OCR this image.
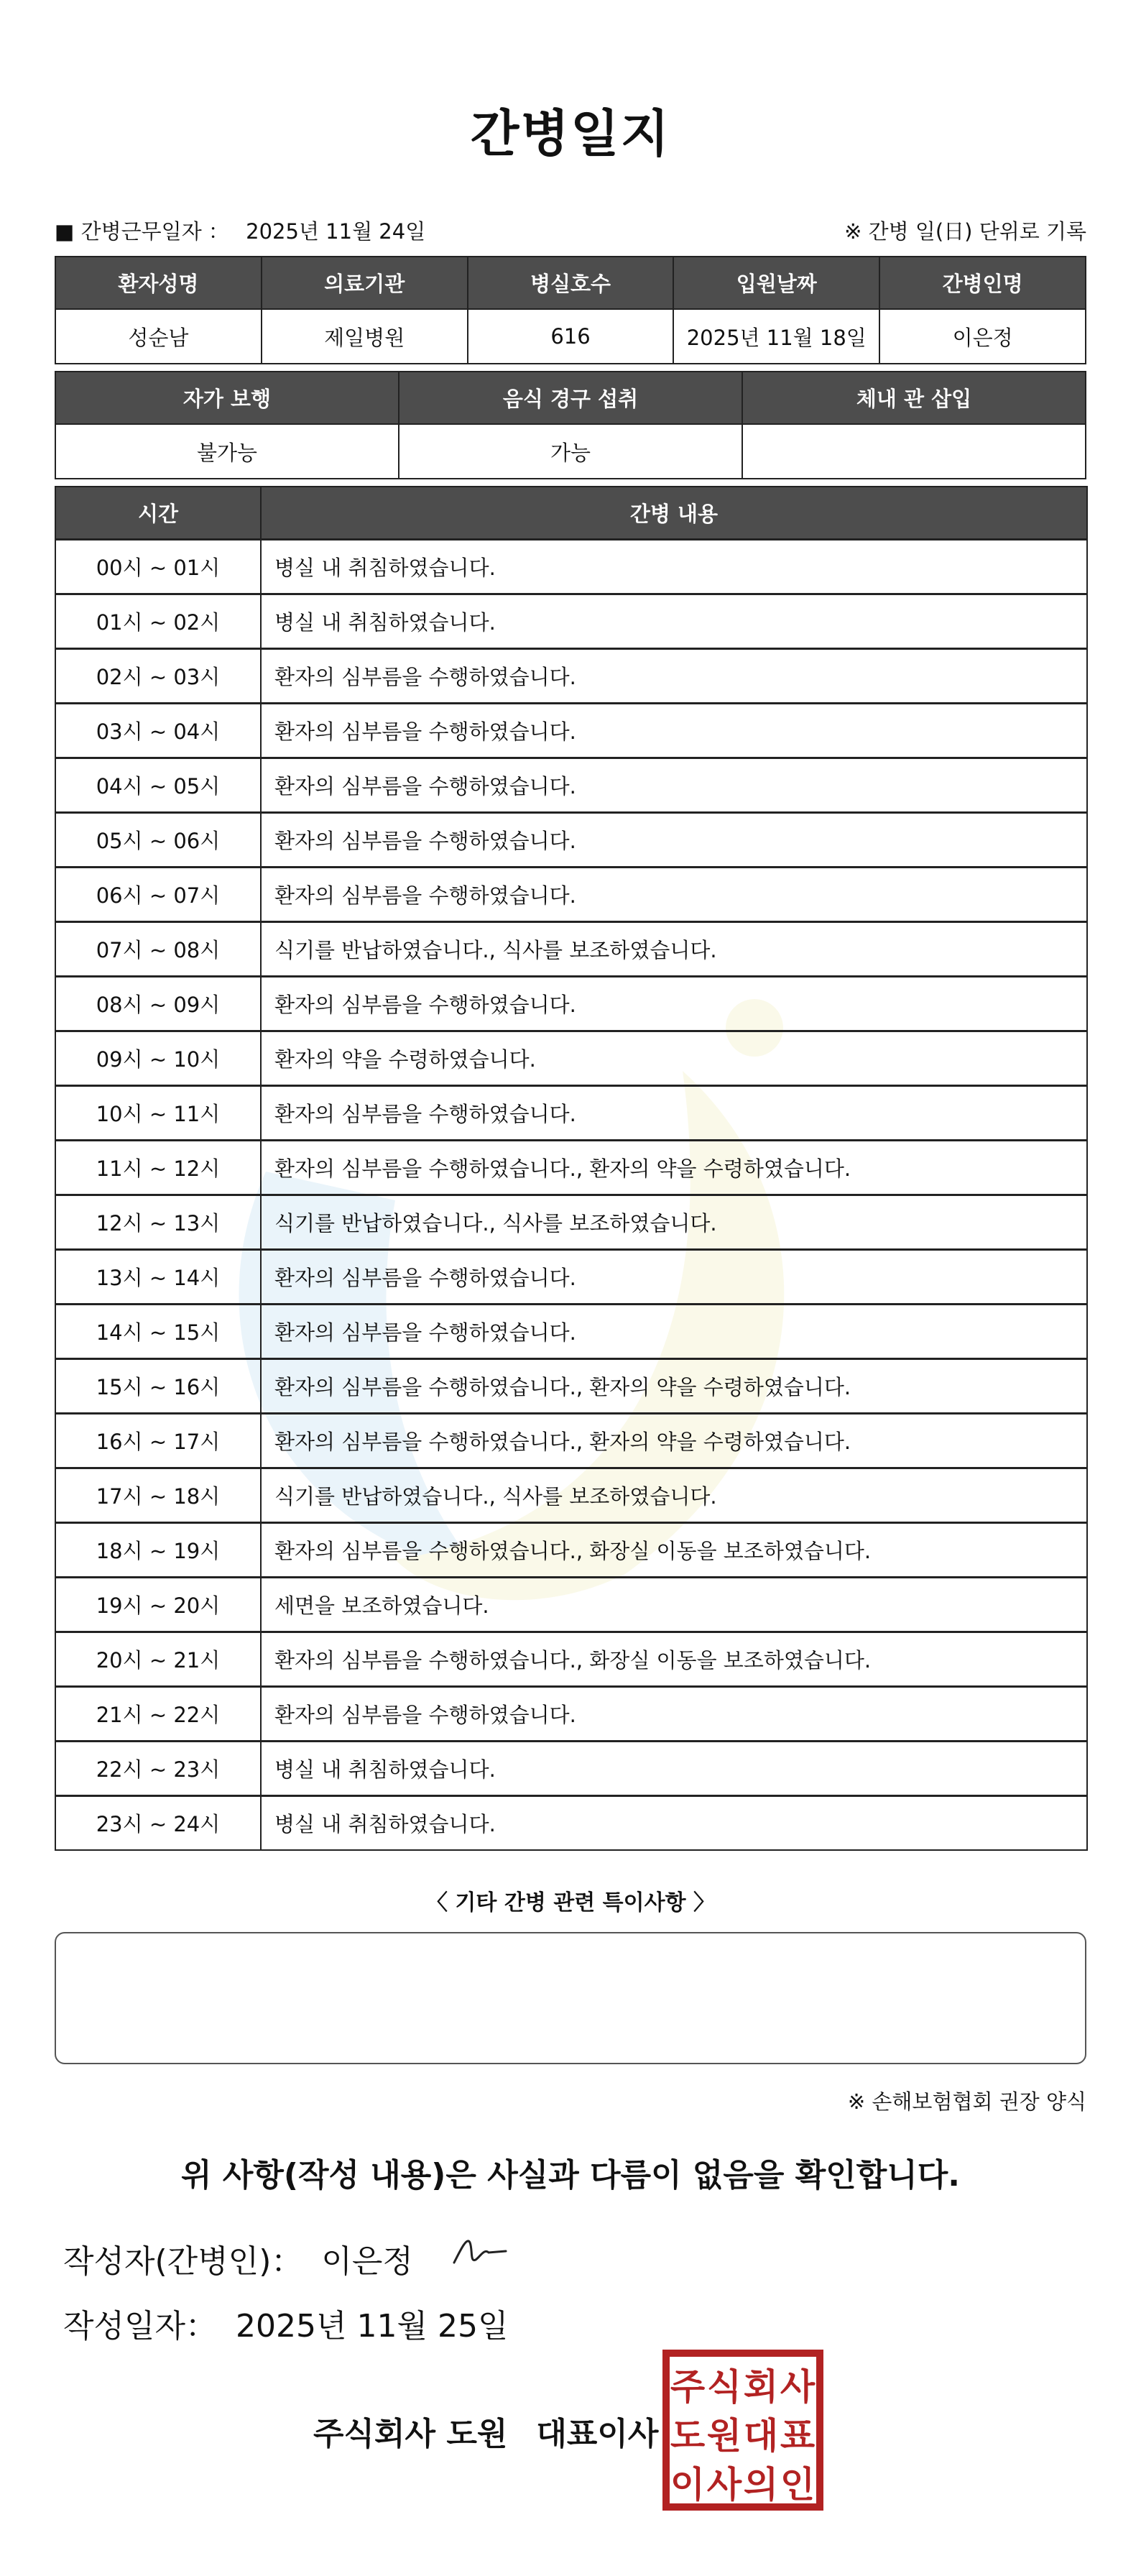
간병일지
■ 간병근무일자 ： 2025년 11월 24일	※ 간병 일(日) 단위로 기록
환자성명	의료기관	병실호수	입원날짜	간병인명
성순남	제일병원	616	2025년 11월 18일	이은정
자가 보행	음식 경구 섭취	체내 관 삽입
불가능	가능	
시간	간병 내용
00시 ~ 01시	병실 내 취침하였습니다.
01시 ~ 02시	병실 내 취침하였습니다.
02시 ~ 03시	환자의 심부름을 수행하였습니다.
03시 ~ 04시	환자의 심부름을 수행하였습니다.
04시 ~ 05시	환자의 심부름을 수행하였습니다.
05시 ~ 06시	환자의 심부름을 수행하였습니다.
06시 ~ 07시	환자의 심부름을 수행하였습니다.
07시 ~ 08시	식기를 반납하였습니다., 식사를 보조하였습니다.
08시 ~ 09시	환자의 심부름을 수행하였습니다.
09시 ~ 10시	환자의 약을 수령하였습니다.
10시 ~ 11시	환자의 심부름을 수행하였습니다.
11시 ~ 12시	환자의 심부름을 수행하였습니다., 환자의 약을 수령하였습니다.
12시 ~ 13시	식기를 반납하였습니다., 식사를 보조하였습니다.
13시 ~ 14시	환자의 심부름을 수행하였습니다.
14시 ~ 15시	환자의 심부름을 수행하였습니다.
15시 ~ 16시	환자의 심부름을 수행하였습니다., 환자의 약을 수령하였습니다.
16시 ~ 17시	환자의 심부름을 수행하였습니다., 환자의 약을 수령하였습니다.
17시 ~ 18시	식기를 반납하였습니다., 식사를 보조하였습니다.
18시 ~ 19시	환자의 심부름을 수행하였습니다., 화장실 이동을 보조하였습니다.
19시 ~ 20시	세면을 보조하였습니다.
20시 ~ 21시	환자의 심부름을 수행하였습니다., 화장실 이동을 보조하였습니다.
21시 ~ 22시	환자의 심부름을 수행하였습니다.
22시 ~ 23시	병실 내 취침하였습니다.
23시 ~ 24시	병실 내 취침하였습니다.
〈 기타 간병 관련 특이사항 〉
※ 손해보험협회 권장 양식
위 사항(작성 내용)은 사실과 다름이 없음을 확인합니다.
작성자(간병인)： 이은정
작성일자： 2025년 11월 25일
주식회사 도원 대표이사
주 식 회 사
도 원 대 표
이 사 의 인
